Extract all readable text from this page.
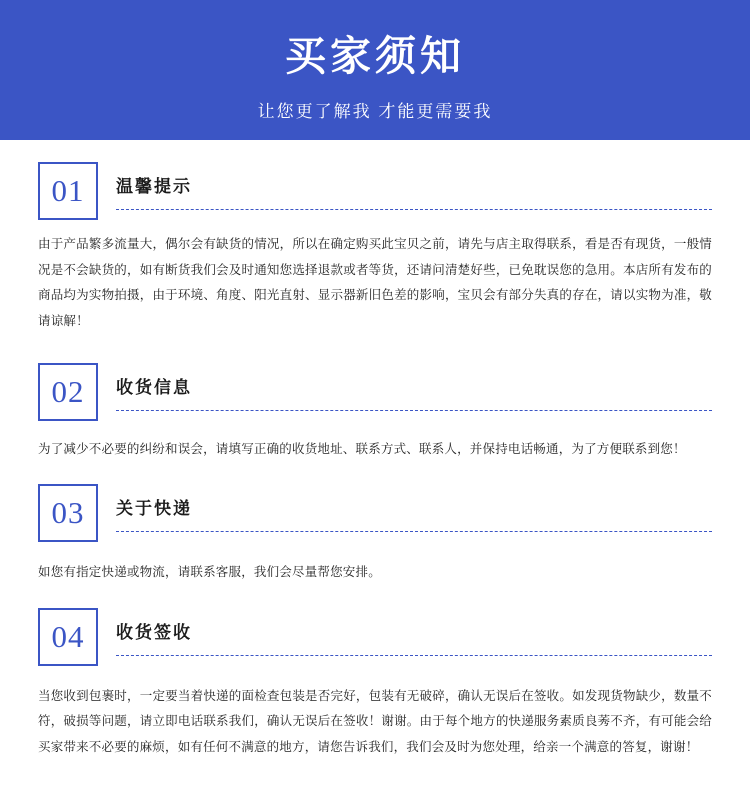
买家须知
让您更了解我 才能更需要我
01 温馨提示
由于产品繁多流量大，偶尔会有缺货的情况，所以在确定购买此宝贝之前，请先与店主取得联系，看是否有现货，一般情况是不会缺货的，如有断货我们会及时通知您选择退款或者等货，还请问清楚好些，已免耽误您的急用。本店所有发布的商品均为实物拍摄，由于环境、角度、阳光直射、显示器新旧色差的影响，宝贝会有部分失真的存在，请以实物为准，敬请谅解！
02 收货信息
为了减少不必要的纠纷和误会，请填写正确的收货地址、联系方式、联系人，并保持电话畅通，为了方便联系到您！
03 关于快递
如您有指定快递或物流，请联系客服，我们会尽量帮您安排。
04 收货签收
当您收到包裹时，一定要当着快递的面检查包装是否完好，包装有无破碎，确认无误后在签收。如发现货物缺少，数量不符，破损等问题，请立即电话联系我们，确认无误后在签收！谢谢。由于每个地方的快递服务素质良莠不齐，有可能会给买家带来不必要的麻烦，如有任何不满意的地方，请您告诉我们，我们会及时为您处理，给亲一个满意的答复，谢谢！
